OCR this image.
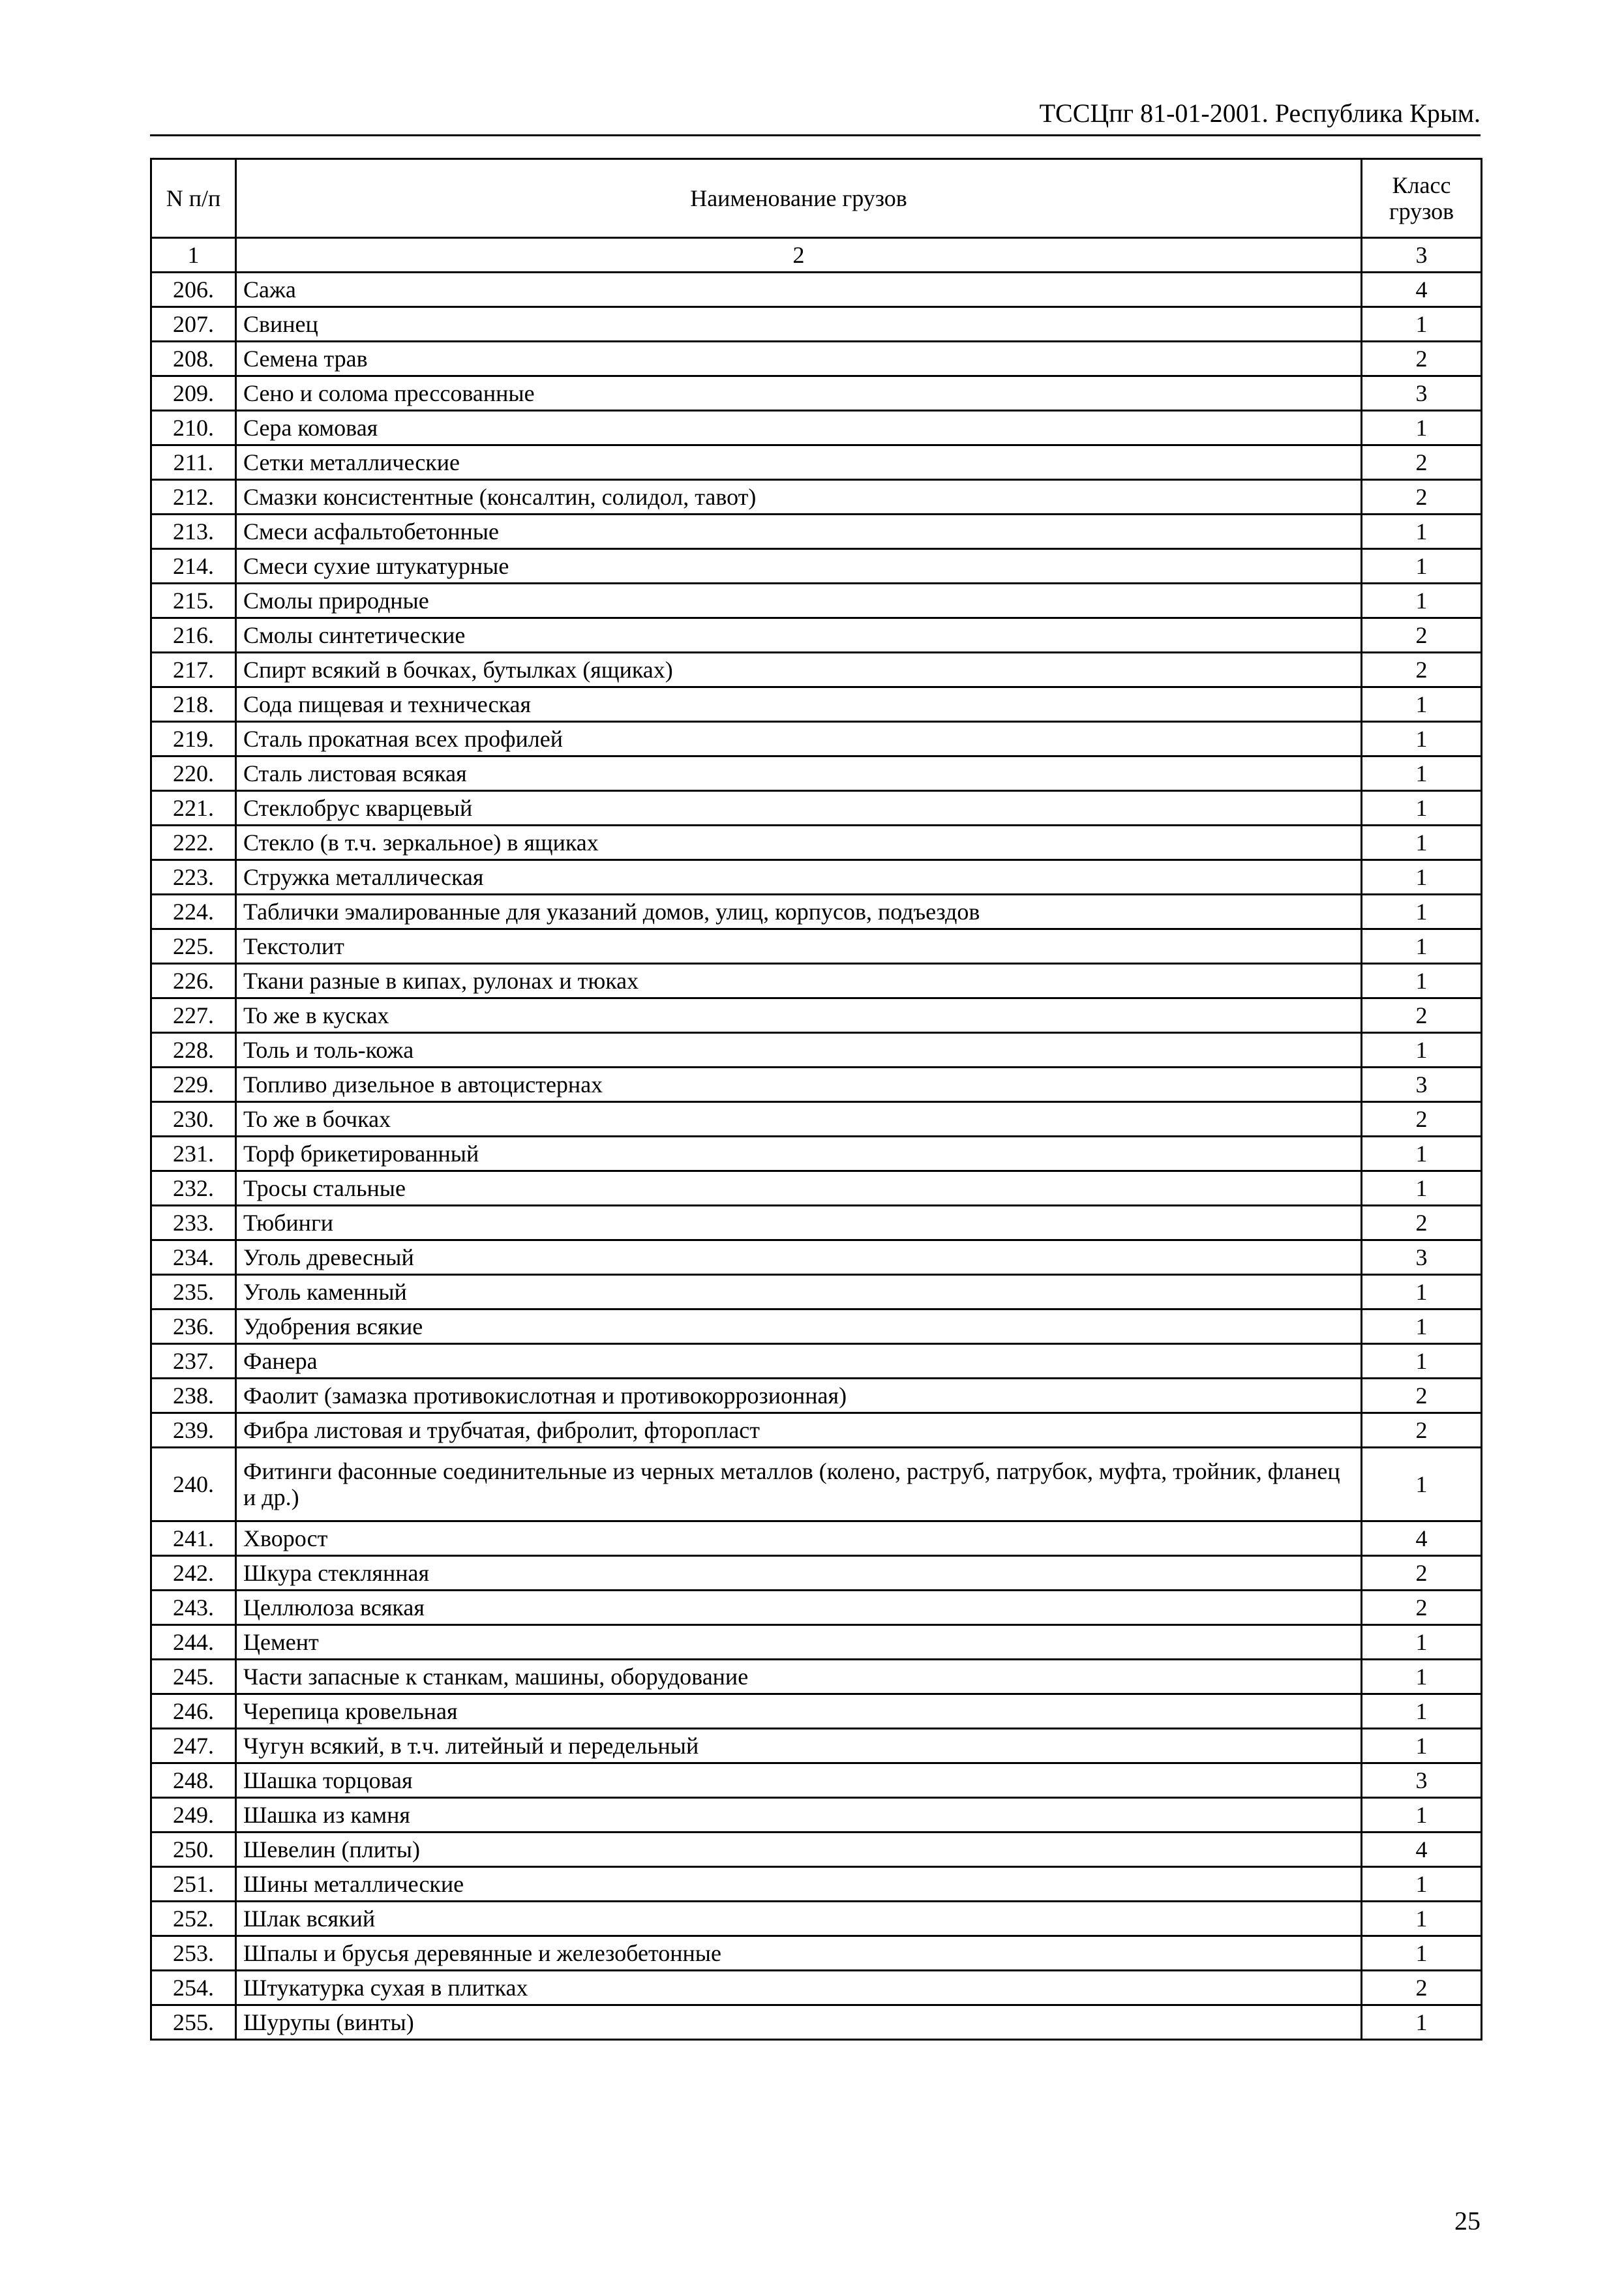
ТССЦпг 81-01-2001. Республика Крым.
N п/п	Наименование грузов	Класс грузов
1	2	3
206.	Сажа	4
207.	Свинец	1
208.	Семена трав	2
209.	Сено и солома прессованные	3
210.	Сера комовая	1
211.	Сетки металлические	2
212.	Смазки консистентные (консалтин, солидол, тавот)	2
213.	Смеси асфальтобетонные	1
214.	Смеси сухие штукатурные	1
215.	Смолы природные	1
216.	Смолы синтетические	2
217.	Спирт всякий в бочках, бутылках (ящиках)	2
218.	Сода пищевая и техническая	1
219.	Сталь прокатная всех профилей	1
220.	Сталь листовая всякая	1
221.	Стеклобрус кварцевый	1
222.	Стекло (в т.ч. зеркальное) в ящиках	1
223.	Стружка металлическая	1
224.	Таблички эмалированные для указаний домов, улиц, корпусов, подъездов	1
225.	Текстолит	1
226.	Ткани разные в кипах, рулонах и тюках	1
227.	То же в кусках	2
228.	Толь и толь-кожа	1
229.	Топливо дизельное в автоцистернах	3
230.	То же в бочках	2
231.	Торф брикетированный	1
232.	Тросы стальные	1
233.	Тюбинги	2
234.	Уголь древесный	3
235.	Уголь каменный	1
236.	Удобрения всякие	1
237.	Фанера	1
238.	Фаолит (замазка противокислотная и противокоррозионная)	2
239.	Фибра листовая и трубчатая, фибролит, фторопласт	2
240.	Фитинги фасонные соединительные из черных металлов (колено, раструб, патрубок, муфта, тройник, фланец и др.)	1
241.	Хворост	4
242.	Шкура стеклянная	2
243.	Целлюлоза всякая	2
244.	Цемент	1
245.	Части запасные к станкам, машины, оборудование	1
246.	Черепица кровельная	1
247.	Чугун всякий, в т.ч. литейный и передельный	1
248.	Шашка торцовая	3
249.	Шашка из камня	1
250.	Шевелин (плиты)	4
251.	Шины металлические	1
252.	Шлак всякий	1
253.	Шпалы и брусья деревянные и железобетонные	1
254.	Штукатурка сухая в плитках	2
255.	Шурупы (винты)	1
25
